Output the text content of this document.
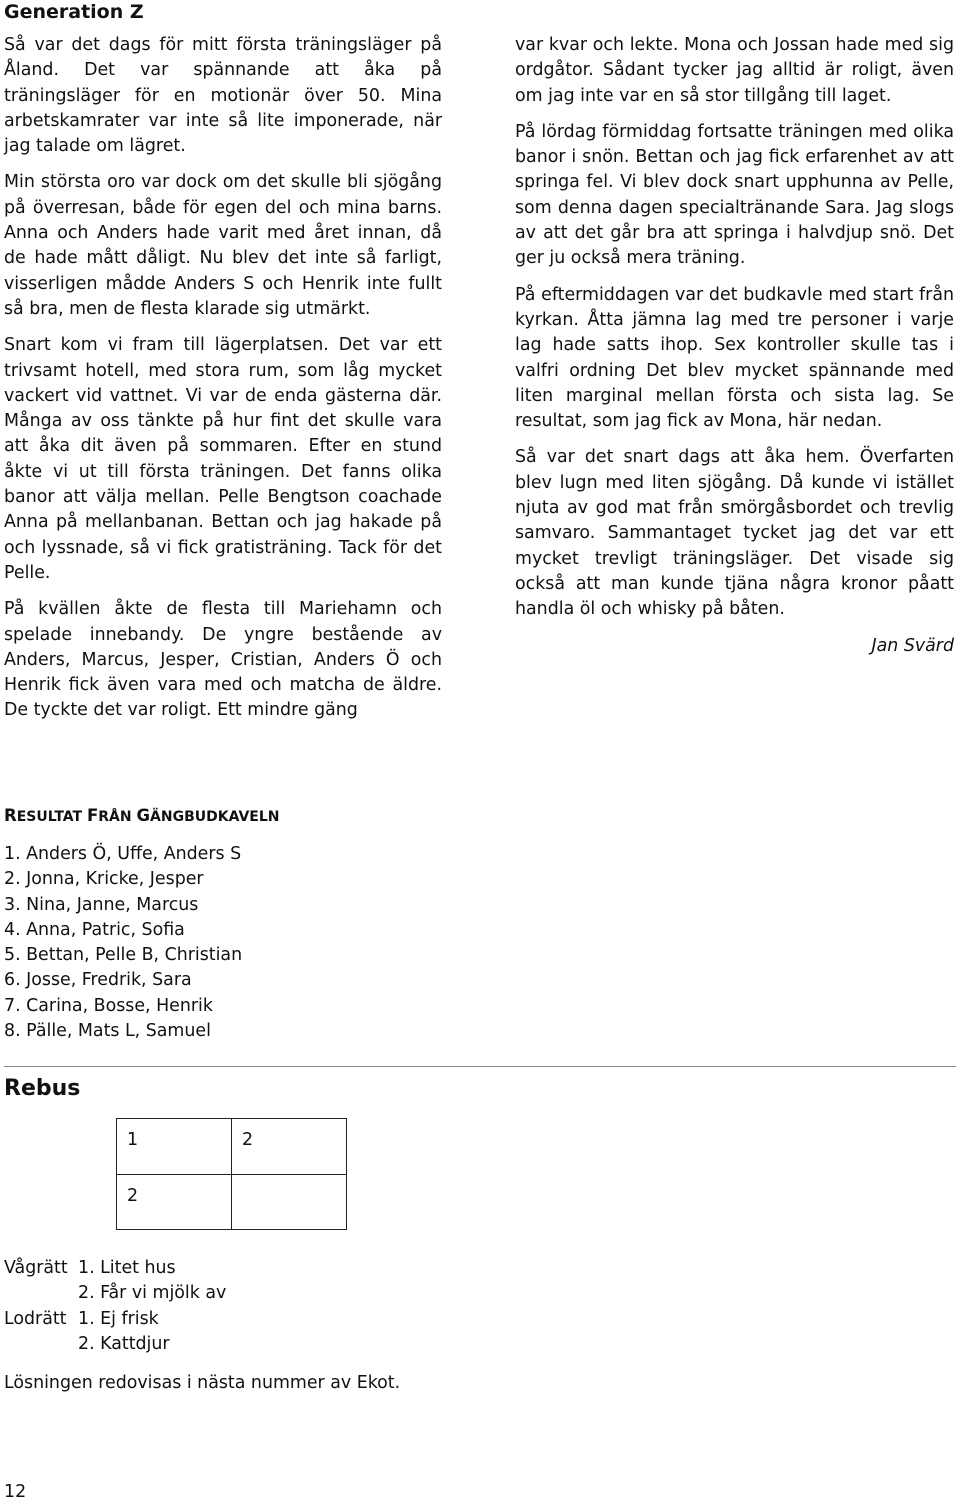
Generation Z

Så var det dags för mitt första träningsläger på Åland. Det var spännande att åka på träningsläger för en motionär över 50. Mina arbetskamrater var inte så lite imponerade, när jag talade om lägret.

Min största oro var dock om det skulle bli sjögång på överresan, både för egen del och mina barns. Anna och Anders hade varit med året innan, då de hade mått dåligt. Nu blev det inte så farligt, visserligen mådde Anders S och Henrik inte fullt så bra, men de flesta klarade sig utmärkt.

Snart kom vi fram till lägerplatsen. Det var ett trivsamt hotell, med stora rum, som låg mycket vackert vid vattnet. Vi var de enda gästerna där. Många av oss tänkte på hur fint det skulle vara att åka dit även på sommaren. Efter en stund åkte vi ut till första träningen. Det fanns olika banor att välja mellan. Pelle Bengtson coachade Anna på mellanbanan. Bettan och jag hakade på och lyssnade, så vi fick gratisträning. Tack för det Pelle.

På kvällen åkte de flesta till Mariehamn och spelade innebandy. De yngre bestående av Anders, Marcus, Jesper, Cristian, Anders Ö och Henrik fick även vara med och matcha de äldre. De tyckte det var roligt. Ett mindre gäng

var kvar och lekte. Mona och Jossan hade med sig ordgåtor. Sådant tycker jag alltid är roligt, även om jag inte var en så stor tillgång till laget.

På lördag förmiddag fortsatte träningen med olika banor i snön. Bettan och jag fick erfarenhet av att springa fel. Vi blev dock snart upphunna av Pelle, som denna dagen specialtränande Sara. Jag slogs av att det går bra att springa i halvdjup snö. Det ger ju också mera träning.

På eftermiddagen var det budkavle med start från kyrkan. Åtta jämna lag med tre personer i varje lag hade satts ihop. Sex kontroller skulle tas i valfri ordning Det blev mycket spännande med liten marginal mellan första och sista lag. Se resultat, som jag fick av Mona, här nedan.

Så var det snart dags att åka hem. Överfarten blev lugn med liten sjögång. Då kunde vi istället njuta av god mat från smörgåsbordet och trevlig samvaro. Sammantaget tycket jag det var ett mycket trevligt träningsläger. Det visade sig också att man kunde tjäna några kronor påatt handla öl och whisky på båten.

Jan Svärd

RESULTAT FRÅN GÄNGBUDKAVELN
1. Anders Ö, Uffe, Anders S
2. Jonna, Kricke, Jesper
3. Nina, Janne, Marcus
4. Anna, Patric, Sofia
5. Bettan, Pelle B, Christian
6. Josse, Fredrik, Sara
7. Carina, Bosse, Henrik
8. Pälle, Mats L, Samuel
Rebus
1	2
2	
Vågrätt 1. Litet hus
2. Får vi mjölk av
Lodrätt 1. Ej frisk
2. Kattdjur

Lösningen redovisas i nästa nummer av Ekot.

12
